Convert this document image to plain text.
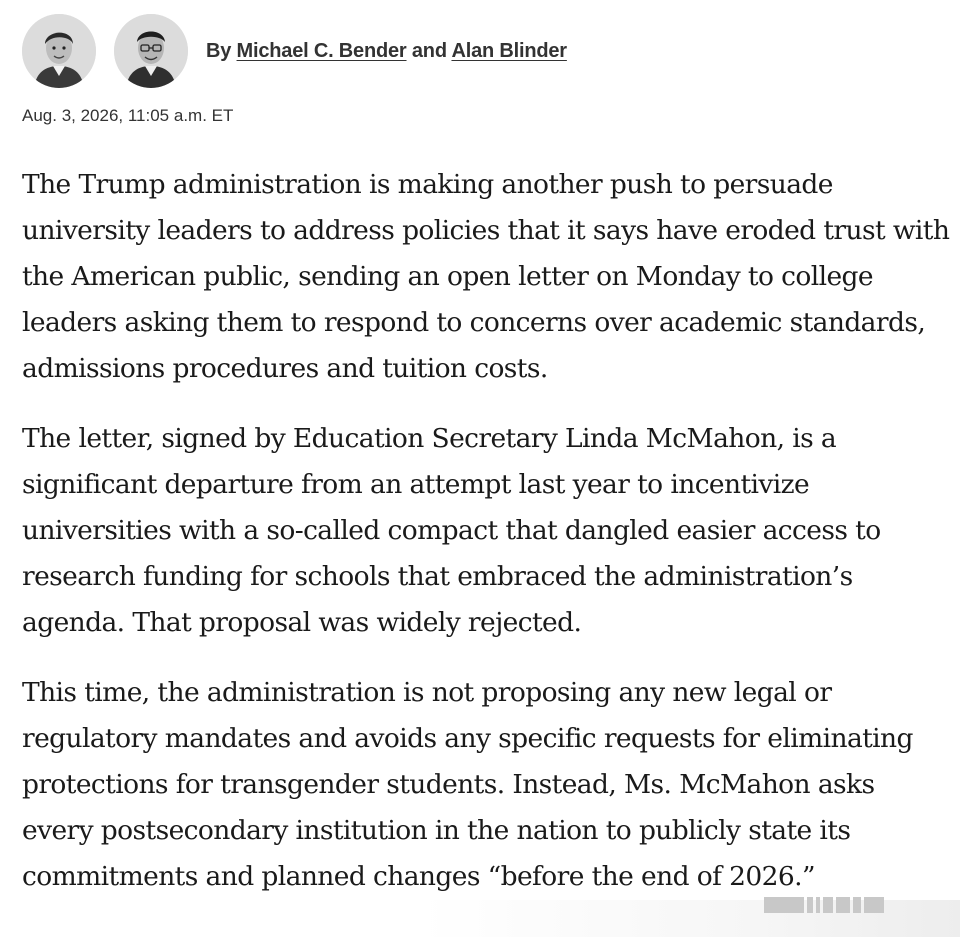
By Michael C. Bender and Alan Blinder
Aug. 3, 2026, 11:05 a.m. ET

The Trump administration is making another push to persuade university leaders to address policies that it says have eroded trust with the American public, sending an open letter on Monday to college leaders asking them to respond to concerns over academic standards, admissions procedures and tuition costs.

The letter, signed by Education Secretary Linda McMahon, is a significant departure from an attempt last year to incentivize universities with a so-called compact that dangled easier access to research funding for schools that embraced the administration’s agenda. That proposal was widely rejected.

This time, the administration is not proposing any new legal or regulatory mandates and avoids any specific requests for eliminating protections for transgender students. Instead, Ms. McMahon asks every postsecondary institution in the nation to publicly state its commitments and planned changes “before the end of 2026.”
